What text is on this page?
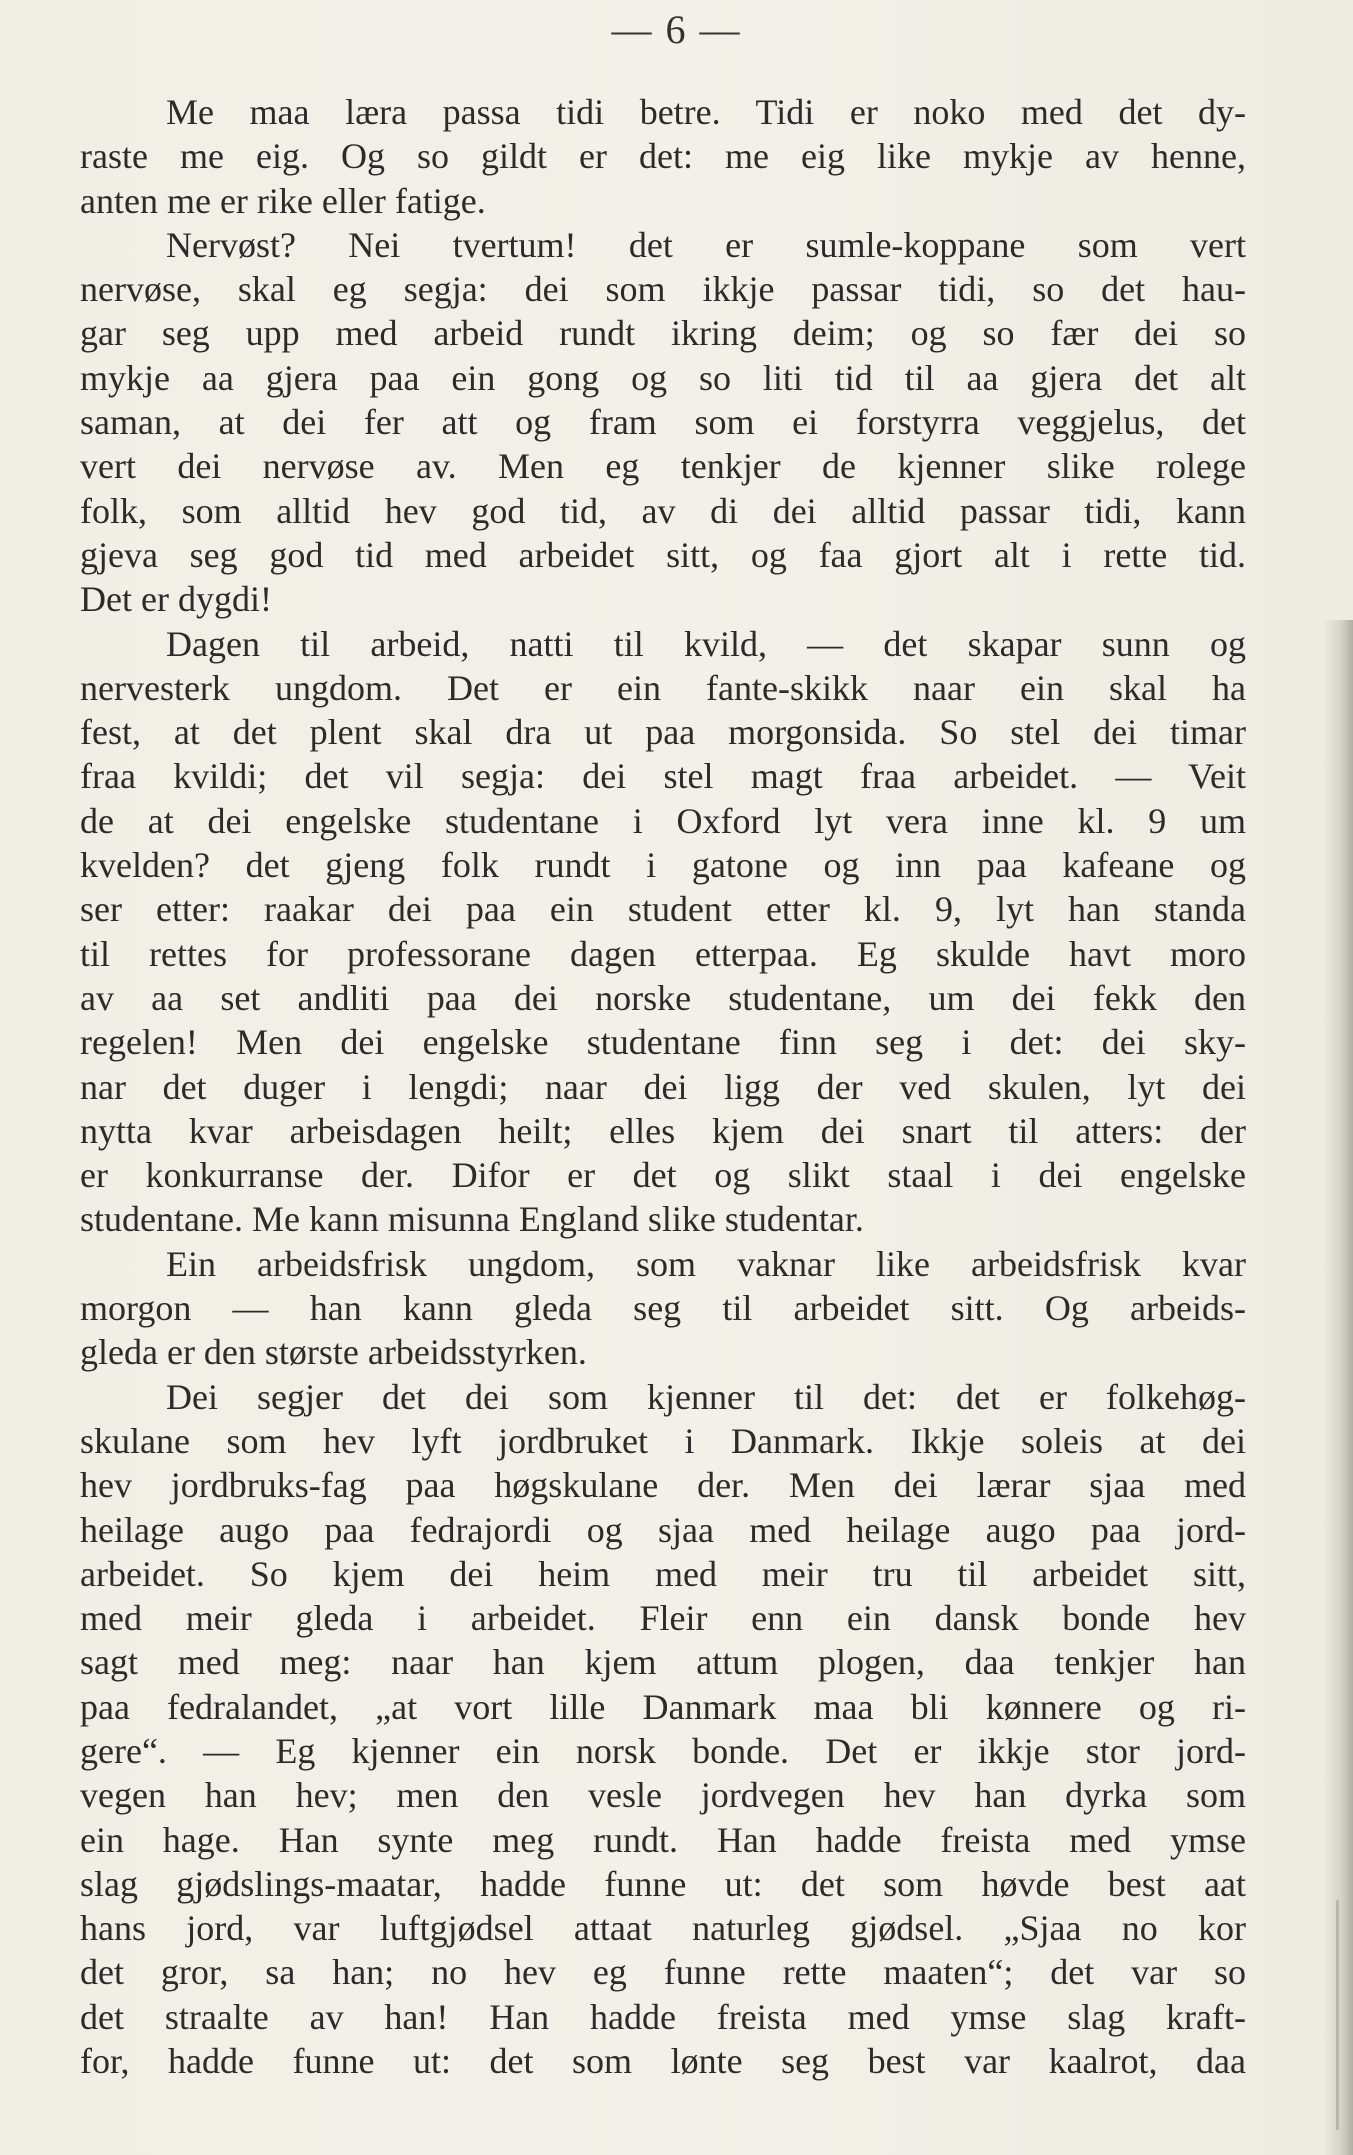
— 6 —
Me maa læra passa tidi betre. Tidi er noko med det dy-
raste me eig. Og so gildt er det: me eig like mykje av henne,
anten me er rike eller fatige.
Nervøst? Nei tvertum! det er sumle-koppane som vert
nervøse, skal eg segja: dei som ikkje passar tidi, so det hau-
gar seg upp med arbeid rundt ikring deim; og so fær dei so
mykje aa gjera paa ein gong og so liti tid til aa gjera det alt
saman, at dei fer att og fram som ei forstyrra veggjelus, det
vert dei nervøse av. Men eg tenkjer de kjenner slike rolege
folk, som alltid hev god tid, av di dei alltid passar tidi, kann
gjeva seg god tid med arbeidet sitt, og faa gjort alt i rette tid.
Det er dygdi!
Dagen til arbeid, natti til kvild, — det skapar sunn og
nervesterk ungdom. Det er ein fante-skikk naar ein skal ha
fest, at det plent skal dra ut paa morgonsida. So stel dei timar
fraa kvildi; det vil segja: dei stel magt fraa arbeidet. — Veit
de at dei engelske studentane i Oxford lyt vera inne kl. 9 um
kvelden? det gjeng folk rundt i gatone og inn paa kafeane og
ser etter: raakar dei paa ein student etter kl. 9, lyt han standa
til rettes for professorane dagen etterpaa. Eg skulde havt moro
av aa set andliti paa dei norske studentane, um dei fekk den
regelen! Men dei engelske studentane finn seg i det: dei sky-
nar det duger i lengdi; naar dei ligg der ved skulen, lyt dei
nytta kvar arbeisdagen heilt; elles kjem dei snart til atters: der
er konkurranse der. Difor er det og slikt staal i dei engelske
studentane. Me kann misunna England slike studentar.
Ein arbeidsfrisk ungdom, som vaknar like arbeidsfrisk kvar
morgon — han kann gleda seg til arbeidet sitt. Og arbeids-
gleda er den største arbeidsstyrken.
Dei segjer det dei som kjenner til det: det er folkehøg-
skulane som hev lyft jordbruket i Danmark. Ikkje soleis at dei
hev jordbruks-fag paa høgskulane der. Men dei lærar sjaa med
heilage augo paa fedrajordi og sjaa med heilage augo paa jord-
arbeidet. So kjem dei heim med meir tru til arbeidet sitt,
med meir gleda i arbeidet. Fleir enn ein dansk bonde hev
sagt med meg: naar han kjem attum plogen, daa tenkjer han
paa fedralandet, „at vort lille Danmark maa bli kønnere og ri-
gere“. — Eg kjenner ein norsk bonde. Det er ikkje stor jord-
vegen han hev; men den vesle jordvegen hev han dyrka som
ein hage. Han synte meg rundt. Han hadde freista med ymse
slag gjødslings-maatar, hadde funne ut: det som høvde best aat
hans jord, var luftgjødsel attaat naturleg gjødsel. „Sjaa no kor
det gror, sa han; no hev eg funne rette maaten“; det var so
det straalte av han! Han hadde freista med ymse slag kraft-
for, hadde funne ut: det som lønte seg best var kaalrot, daa
